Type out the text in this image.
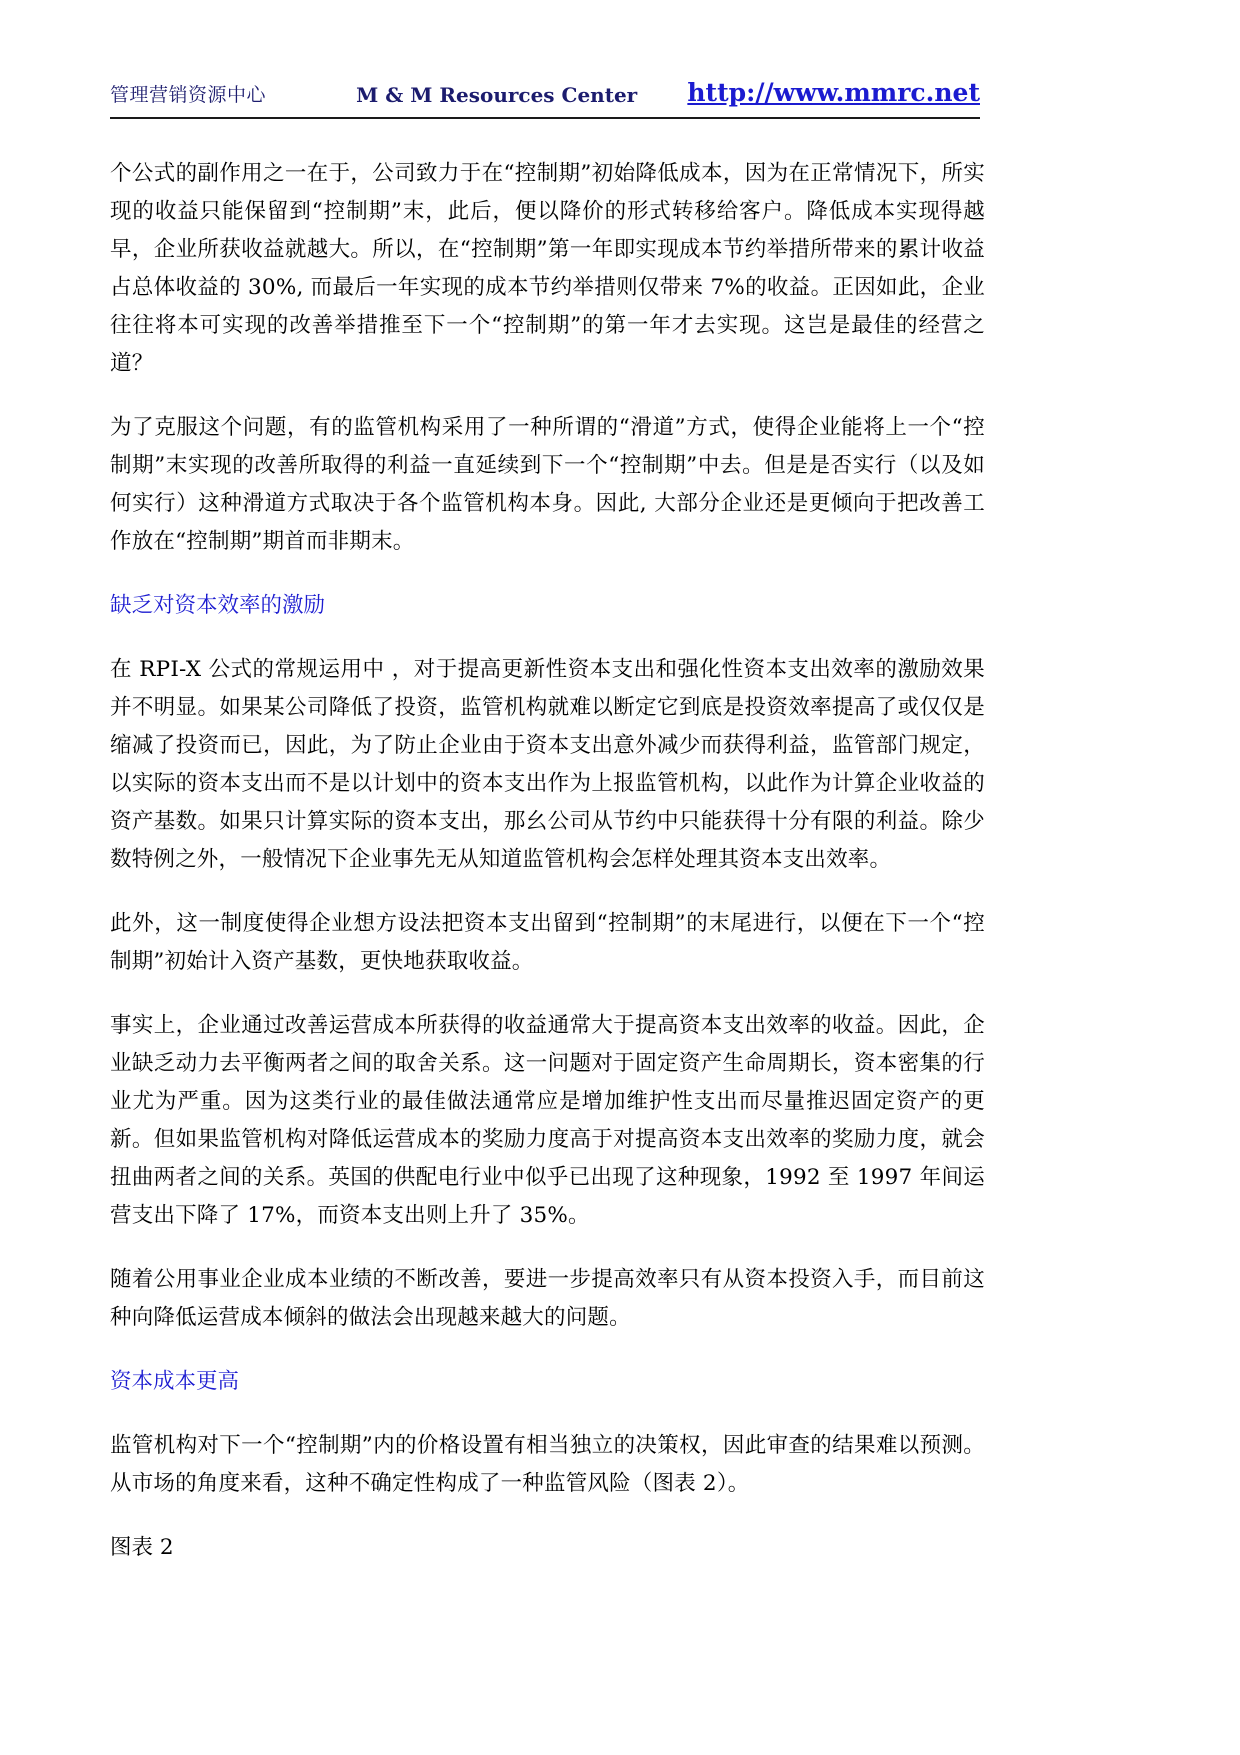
管理营销资源中心	M & M Resources Center http://www.mmrc.net

个公式的副作用之一在于，公司致力于在“控制期”初始降低成本，因为在正常情况下，所实现的收益只能保留到“控制期”末，此后，便以降价的形式转移给客户。降低成本实现得越早，企业所获收益就越大。所以，在“控制期”第一年即实现成本节约举措所带来的累计收益占总体收益的 30%, 而最后一年实现的成本节约举措则仅带来 7%的收益。正因如此，企业往往将本可实现的改善举措推至下一个“控制期”的第一年才去实现。这岂是最佳的经营之道？

为了克服这个问题，有的监管机构采用了一种所谓的“滑道”方式，使得企业能将上一个“控制期”末实现的改善所取得的利益一直延续到下一个“控制期”中去。但是是否实行（以及如何实行）这种滑道方式取决于各个监管机构本身。因此, 大部分企业还是更倾向于把改善工作放在“控制期”期首而非期末。

缺乏对资本效率的激励

在 RPI-X 公式的常规运用中 ，对于提高更新性资本支出和强化性资本支出效率的激励效果并不明显。如果某公司降低了投资，监管机构就难以断定它到底是投资效率提高了或仅仅是缩减了投资而已，因此，为了防止企业由于资本支出意外减少而获得利益，监管部门规定，以实际的资本支出而不是以计划中的资本支出作为上报监管机构，以此作为计算企业收益的资产基数。如果只计算实际的资本支出，那幺公司从节约中只能获得十分有限的利益。除少数特例之外，一般情况下企业事先无从知道监管机构会怎样处理其资本支出效率。

此外，这一制度使得企业想方设法把资本支出留到“控制期”的末尾进行，以便在下一个“控制期”初始计入资产基数，更快地获取收益。

事实上，企业通过改善运营成本所获得的收益通常大于提高资本支出效率的收益。因此，企业缺乏动力去平衡两者之间的取舍关系。这一问题对于固定资产生命周期长，资本密集的行业尤为严重。因为这类行业的最佳做法通常应是增加维护性支出而尽量推迟固定资产的更新。但如果监管机构对降低运营成本的奖励力度高于对提高资本支出效率的奖励力度，就会扭曲两者之间的关系。英国的供配电行业中似乎已出现了这种现象，1992 至 1997 年间运营支出下降了 17%，而资本支出则上升了 35%。

随着公用事业企业成本业绩的不断改善，要进一步提高效率只有从资本投资入手，而目前这种向降低运营成本倾斜的做法会出现越来越大的问题。

资本成本更高

监管机构对下一个“控制期”内的价格设置有相当独立的决策权，因此审查的结果难以预测。从市场的角度来看，这种不确定性构成了一种监管风险（图表 2）。

图表 2
